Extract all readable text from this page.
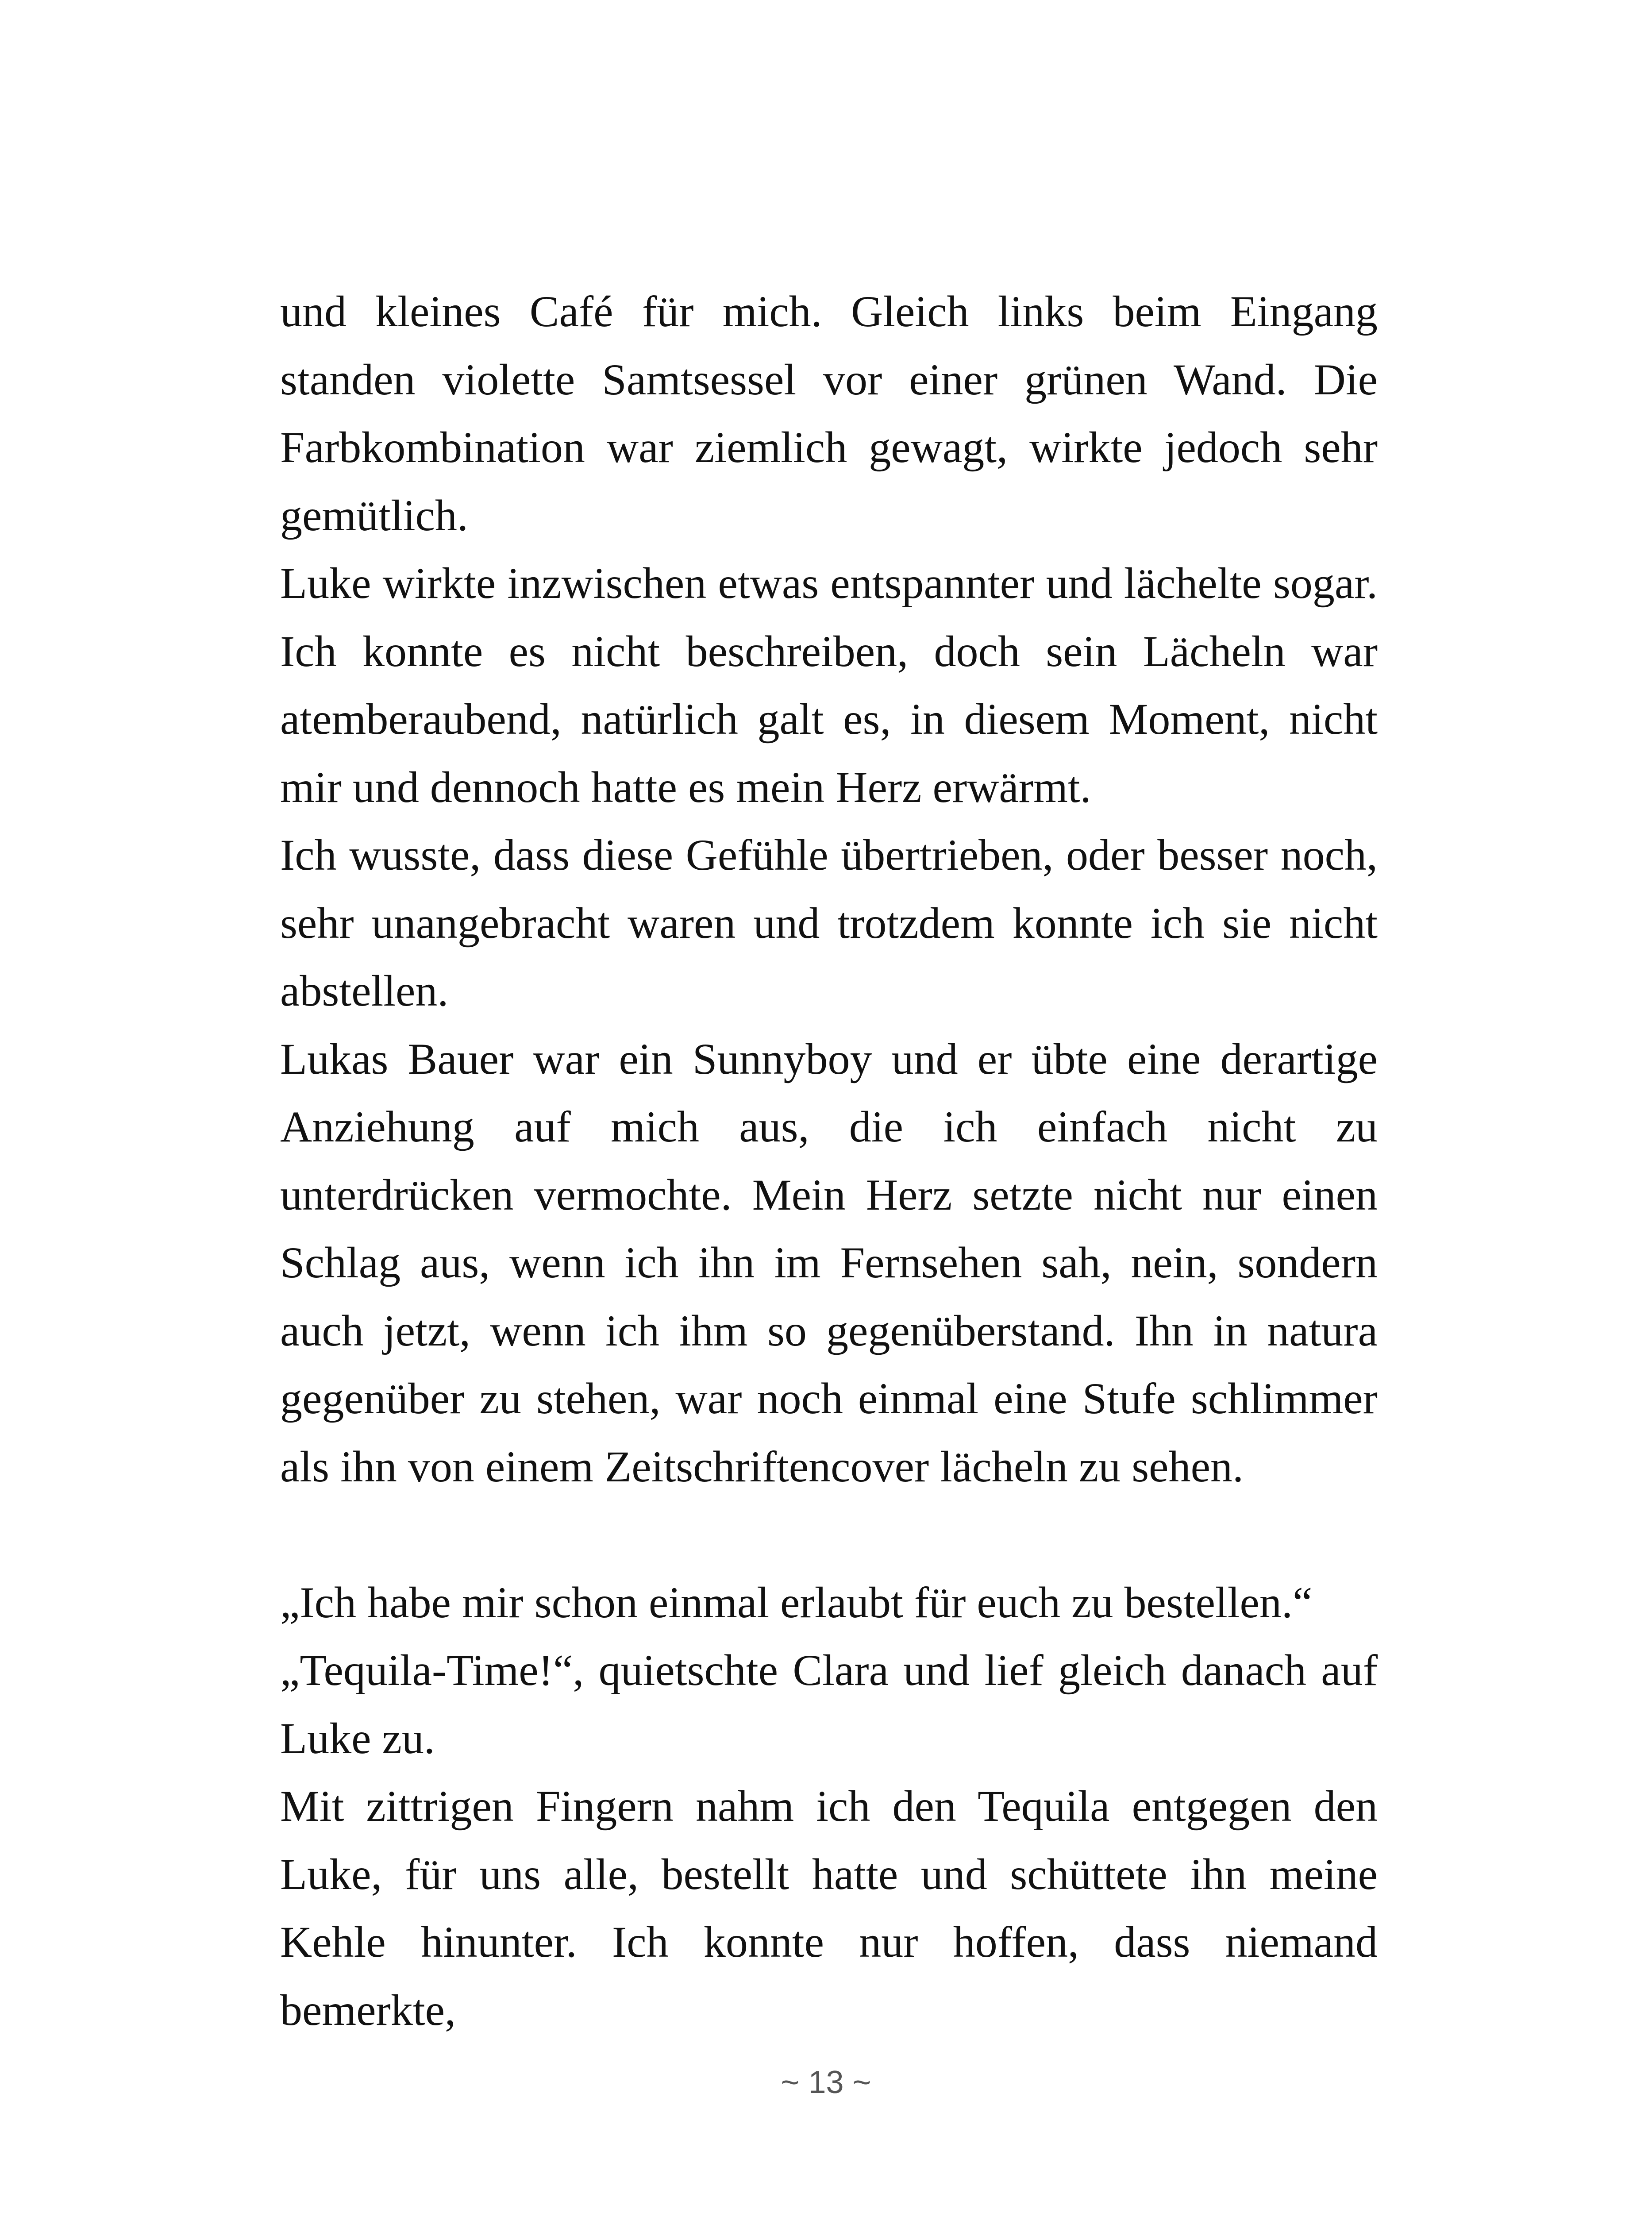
und kleines Café für mich. Gleich links beim Eingang standen violette Samtsessel vor einer grünen Wand. Die Farbkombination war ziemlich gewagt, wirkte jedoch sehr gemütlich.

Luke wirkte inzwischen etwas entspannter und lächelte sogar. Ich konnte es nicht beschreiben, doch sein Lächeln war atemberaubend, natürlich galt es, in diesem Moment, nicht mir und dennoch hatte es mein Herz erwärmt.

Ich wusste, dass diese Gefühle übertrieben, oder besser noch, sehr unangebracht waren und trotzdem konnte ich sie nicht abstellen.

Lukas Bauer war ein Sunnyboy und er übte eine derartige Anziehung auf mich aus, die ich einfach nicht zu unterdrücken vermochte. Mein Herz setzte nicht nur einen Schlag aus, wenn ich ihn im Fernsehen sah, nein, sondern auch jetzt, wenn ich ihm so gegenüberstand. Ihn in natura gegenüber zu stehen, war noch einmal eine Stufe schlimmer als ihn von einem Zeitschriftencover lächeln zu sehen.

„Ich habe mir schon einmal erlaubt für euch zu bestellen.“

„Tequila-Time!“, quietschte Clara und lief gleich danach auf Luke zu.

Mit zittrigen Fingern nahm ich den Tequila entgegen den Luke, für uns alle, bestellt hatte und schüttete ihn meine Kehle hinunter. Ich konnte nur hoffen, dass niemand bemerkte,

~ 13 ~
